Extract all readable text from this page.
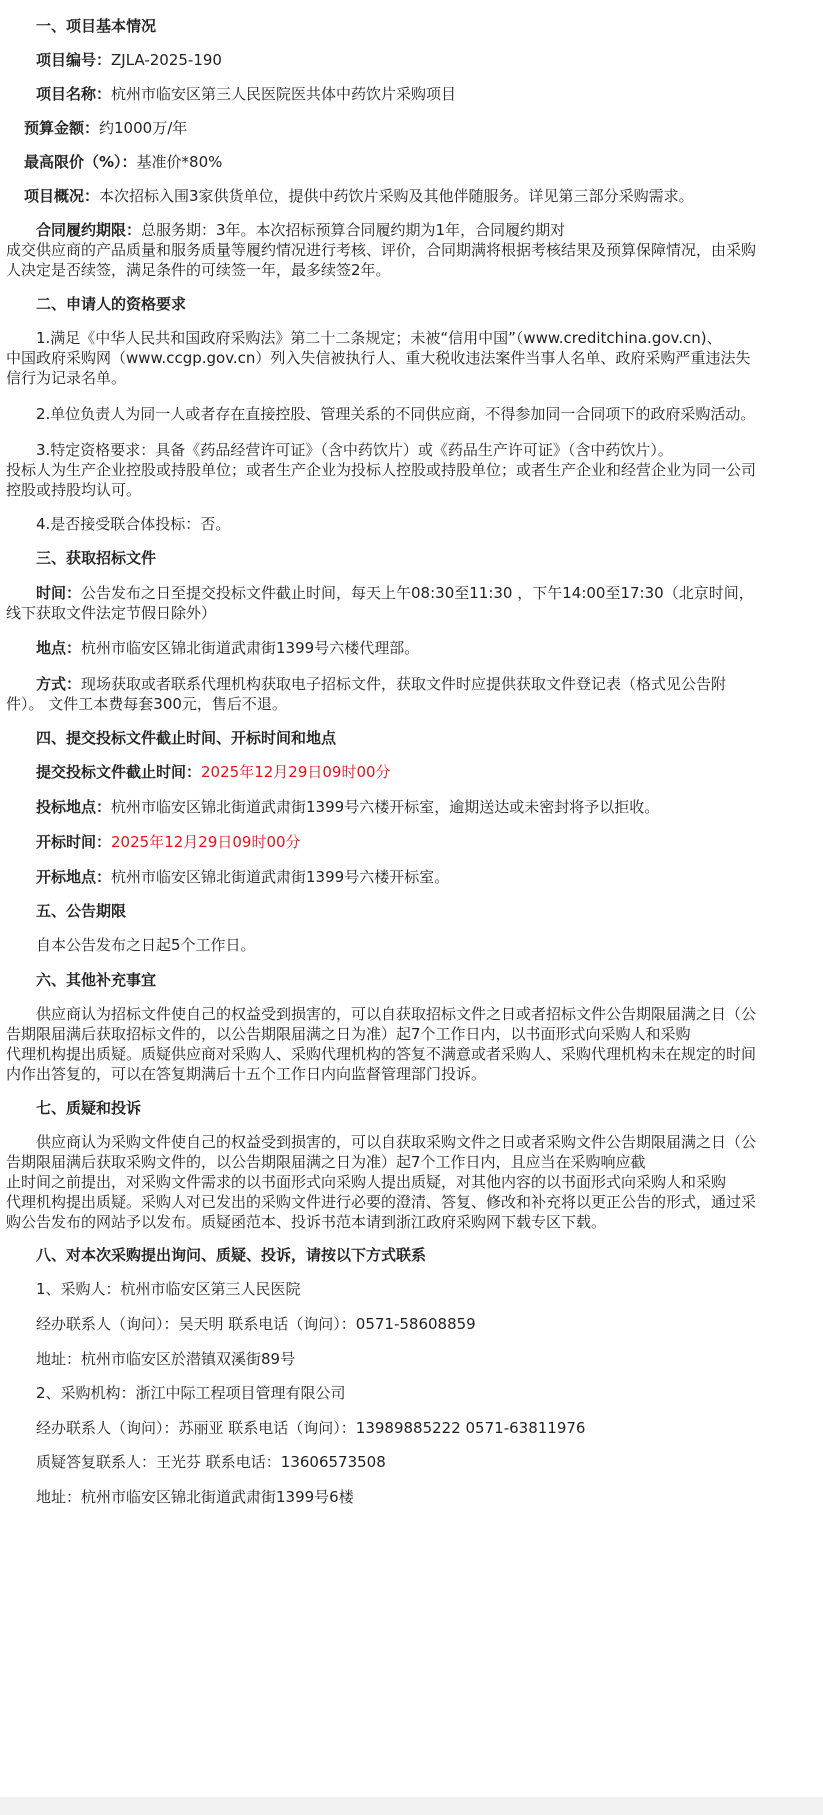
一、项目基本情况
项目编号：ZJLA-2025-190
项目名称：杭州市临安区第三人民医院医共体中药饮片采购项目
预算金额：约1000万/年
最高限价（%）：基准价*80%
项目概况：本次招标入围3家供货单位，提供中药饮片采购及其他伴随服务。详见第三部分采购需求。
合同履约期限：总服务期：3年。本次招标预算合同履约期为1年，合同履约期对
成交供应商的产品质量和服务质量等履约情况进行考核、评价，合同期满将根据考核结果及预算保障情况，由采购
人决定是否续签，满足条件的可续签一年，最多续签2年。
二、申请人的资格要求
1.满足《中华人民共和国政府采购法》第二十二条规定；未被“信用中国”（www.creditchina.gov.cn)、
中国政府采购网（www.ccgp.gov.cn）列入失信被执行人、重大税收违法案件当事人名单、政府采购严重违法失
信行为记录名单。
2.单位负责人为同一人或者存在直接控股、管理关系的不同供应商，不得参加同一合同项下的政府采购活动。
3.特定资格要求：具备《药品经营许可证》（含中药饮片）或《药品生产许可证》（含中药饮片）。
投标人为生产企业控股或持股单位；或者生产企业为投标人控股或持股单位；或者生产企业和经营企业为同一公司
控股或持股均认可。
4.是否接受联合体投标：否。
三、获取招标文件
时间：公告发布之日至提交投标文件截止时间，每天上午08:30至11:30 ，下午14:00至17:30（北京时间，
线下获取文件法定节假日除外）
地点：杭州市临安区锦北街道武肃街1399号六楼代理部。
方式：现场获取或者联系代理机构获取电子招标文件，获取文件时应提供获取文件登记表（格式见公告附
件）。 文件工本费每套300元，售后不退。
四、提交投标文件截止时间、开标时间和地点
提交投标文件截止时间：2025年12月29日09时00分
投标地点：杭州市临安区锦北街道武肃街1399号六楼开标室，逾期送达或未密封将予以拒收。
开标时间：2025年12月29日09时00分
开标地点：杭州市临安区锦北街道武肃街1399号六楼开标室。
五、公告期限
自本公告发布之日起5个工作日。
六、其他补充事宜
供应商认为招标文件使自己的权益受到损害的，可以自获取招标文件之日或者招标文件公告期限届满之日（公
告期限届满后获取招标文件的，以公告期限届满之日为准）起7个工作日内，以书面形式向采购人和采购
代理机构提出质疑。质疑供应商对采购人、采购代理机构的答复不满意或者采购人、采购代理机构未在规定的时间
内作出答复的，可以在答复期满后十五个工作日内向监督管理部门投诉。
七、质疑和投诉
供应商认为采购文件使自己的权益受到损害的，可以自获取采购文件之日或者采购文件公告期限届满之日（公
告期限届满后获取采购文件的，以公告期限届满之日为准）起7个工作日内，且应当在采购响应截
止时间之前提出，对采购文件需求的以书面形式向采购人提出质疑，对其他内容的以书面形式向采购人和采购
代理机构提出质疑。采购人对已发出的采购文件进行必要的澄清、答复、修改和补充将以更正公告的形式，通过采
购公告发布的网站予以发布。质疑函范本、投诉书范本请到浙江政府采购网下载专区下载。
八、对本次采购提出询问、质疑、投诉，请按以下方式联系
1、采购人：杭州市临安区第三人民医院
经办联系人（询问）：吴天明 联系电话（询问）：0571-58608859
地址：杭州市临安区於潜镇双溪街89号
2、采购机构：浙江中际工程项目管理有限公司
经办联系人（询问）：苏丽亚 联系电话（询问）：13989885222 0571-63811976
质疑答复联系人：王光芬 联系电话：13606573508
地址：杭州市临安区锦北街道武肃街1399号6楼
